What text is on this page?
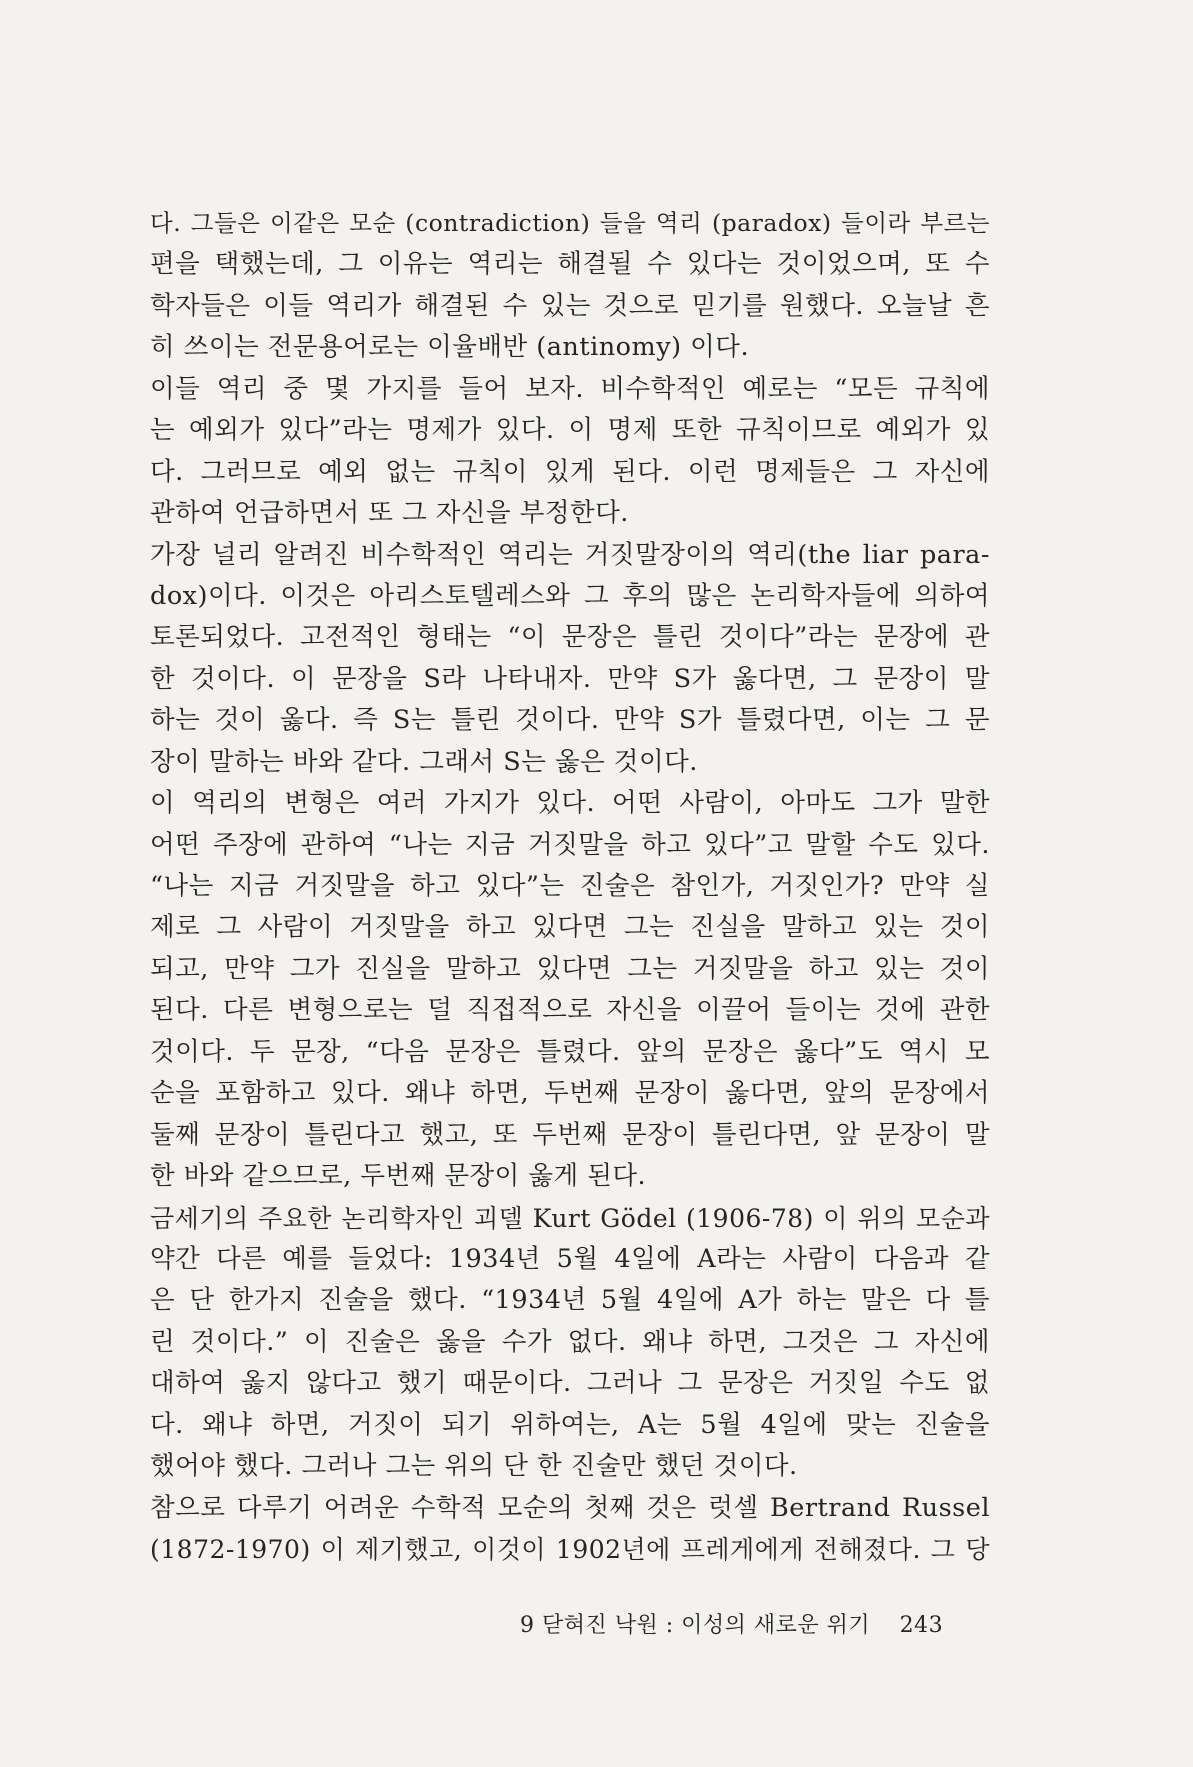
다. 그들은 이같은 모순 (contradiction) 들을 역리 (paradox) 들이라 부르는
편을 택했는데, 그 이유는 역리는 해결될 수 있다는 것이었으며, 또 수
학자들은 이들 역리가 해결된 수 있는 것으로 믿기를 원했다. 오늘날 흔
히 쓰이는 전문용어로는 이율배반 (antinomy) 이다.
이들 역리 중 몇 가지를 들어 보자. 비수학적인 예로는 “모든 규칙에
는 예외가 있다”라는 명제가 있다. 이 명제 또한 규칙이므로 예외가 있
다. 그러므로 예외 없는 규칙이 있게 된다. 이런 명제들은 그 자신에
관하여 언급하면서 또 그 자신을 부정한다.
가장 널리 알려진 비수학적인 역리는 거짓말장이의 역리(the liar para-
dox)이다. 이것은 아리스토텔레스와 그 후의 많은 논리학자들에 의하여
토론되었다. 고전적인 형태는 “이 문장은 틀린 것이다”라는 문장에 관
한 것이다. 이 문장을 S라 나타내자. 만약 S가 옳다면, 그 문장이 말
하는 것이 옳다. 즉 S는 틀린 것이다. 만약 S가 틀렸다면, 이는 그 문
장이 말하는 바와 같다. 그래서 S는 옳은 것이다.
이 역리의 변형은 여러 가지가 있다. 어떤 사람이, 아마도 그가 말한
어떤 주장에 관하여 “나는 지금 거짓말을 하고 있다”고 말할 수도 있다.
“나는 지금 거짓말을 하고 있다”는 진술은 참인가, 거짓인가? 만약 실
제로 그 사람이 거짓말을 하고 있다면 그는 진실을 말하고 있는 것이
되고, 만약 그가 진실을 말하고 있다면 그는 거짓말을 하고 있는 것이
된다. 다른 변형으로는 덜 직접적으로 자신을 이끌어 들이는 것에 관한
것이다. 두 문장, “다음 문장은 틀렸다. 앞의 문장은 옳다”도 역시 모
순을 포함하고 있다. 왜냐 하면, 두번째 문장이 옳다면, 앞의 문장에서
둘째 문장이 틀린다고 했고, 또 두번째 문장이 틀린다면, 앞 문장이 말
한 바와 같으므로, 두번째 문장이 옳게 된다.
금세기의 주요한 논리학자인 괴델 Kurt Gödel (1906-78) 이 위의 모순과
약간 다른 예를 들었다: 1934년 5월 4일에 A라는 사람이 다음과 같
은 단 한가지 진술을 했다. “1934년 5월 4일에 A가 하는 말은 다 틀
린 것이다.” 이 진술은 옳을 수가 없다. 왜냐 하면, 그것은 그 자신에
대하여 옳지 않다고 했기 때문이다. 그러나 그 문장은 거짓일 수도 없
다. 왜냐 하면, 거짓이 되기 위하여는, A는 5월 4일에 맞는 진술을
했어야 했다. 그러나 그는 위의 단 한 진술만 했던 것이다.
참으로 다루기 어려운 수학적 모순의 첫째 것은 럿셀 Bertrand Russel
(1872-1970) 이 제기했고, 이것이 1902년에 프레게에게 전해졌다. 그 당
9 닫혀진 낙원 : 이성의 새로운 위기 243
